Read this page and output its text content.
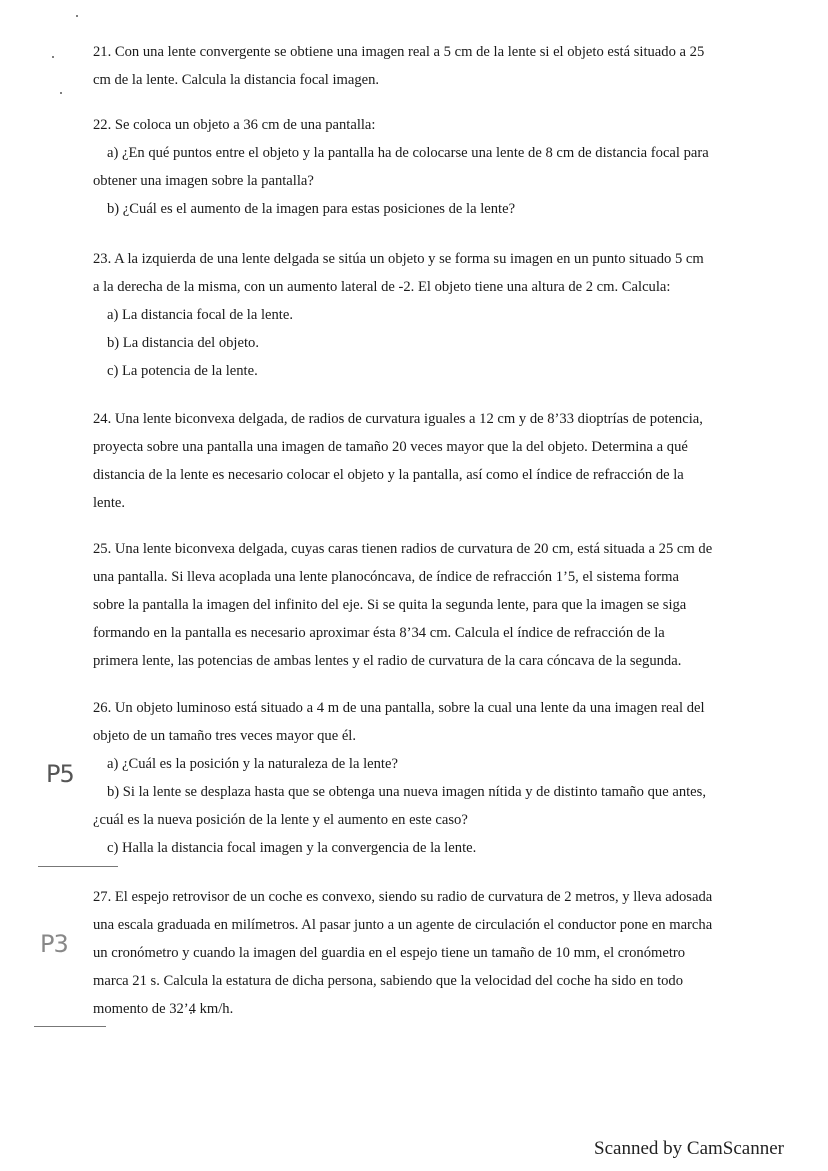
21. Con una lente convergente se obtiene una imagen real a 5 cm de la lente si el objeto está situado a 25
cm de la lente. Calcula la distancia focal imagen.
22. Se coloca un objeto a 36 cm de una pantalla:
a) ¿En qué puntos entre el objeto y la pantalla ha de colocarse una lente de 8 cm de distancia focal para
obtener una imagen sobre la pantalla?
b) ¿Cuál es el aumento de la imagen para estas posiciones de la lente?
23. A la izquierda de una lente delgada se sitúa un objeto y se forma su imagen en un punto situado 5 cm
a la derecha de la misma, con un aumento lateral de -2. El objeto tiene una altura de 2 cm. Calcula:
a) La distancia focal de la lente.
b) La distancia del objeto.
c) La potencia de la lente.
24. Una lente biconvexa delgada, de radios de curvatura iguales a 12 cm y de 8’33 dioptrías de potencia,
proyecta sobre una pantalla una imagen de tamaño 20 veces mayor que la del objeto. Determina a qué
distancia de la lente es necesario colocar el objeto y la pantalla, así como el índice de refracción de la
lente.
25. Una lente biconvexa delgada, cuyas caras tienen radios de curvatura de 20 cm, está situada a 25 cm de
una pantalla. Si lleva acoplada una lente planocóncava, de índice de refracción 1’5, el sistema forma
sobre la pantalla la imagen del infinito del eje. Si se quita la segunda lente, para que la imagen se siga
formando en la pantalla es necesario aproximar ésta 8’34 cm. Calcula el índice de refracción de la
primera lente, las potencias de ambas lentes y el radio de curvatura de la cara cóncava de la segunda.
26. Un objeto luminoso está situado a 4 m de una pantalla, sobre la cual una lente da una imagen real del
objeto de un tamaño tres veces mayor que él.
a) ¿Cuál es la posición y la naturaleza de la lente?
b) Si la lente se desplaza hasta que se obtenga una nueva imagen nítida y de distinto tamaño que antes,
¿cuál es la nueva posición de la lente y el aumento en este caso?
c) Halla la distancia focal imagen y la convergencia de la lente.
27. El espejo retrovisor de un coche es convexo, siendo su radio de curvatura de 2 metros, y lleva adosada
una escala graduada en milímetros. Al pasar junto a un agente de circulación el conductor pone en marcha
un cronómetro y cuando la imagen del guardia en el espejo tiene un tamaño de 10 mm, el cronómetro
marca 21 s. Calcula la estatura de dicha persona, sabiendo que la velocidad del coche ha sido en todo
momento de 32’4 km/h.
P5
P3
Scanned by CamScanner
